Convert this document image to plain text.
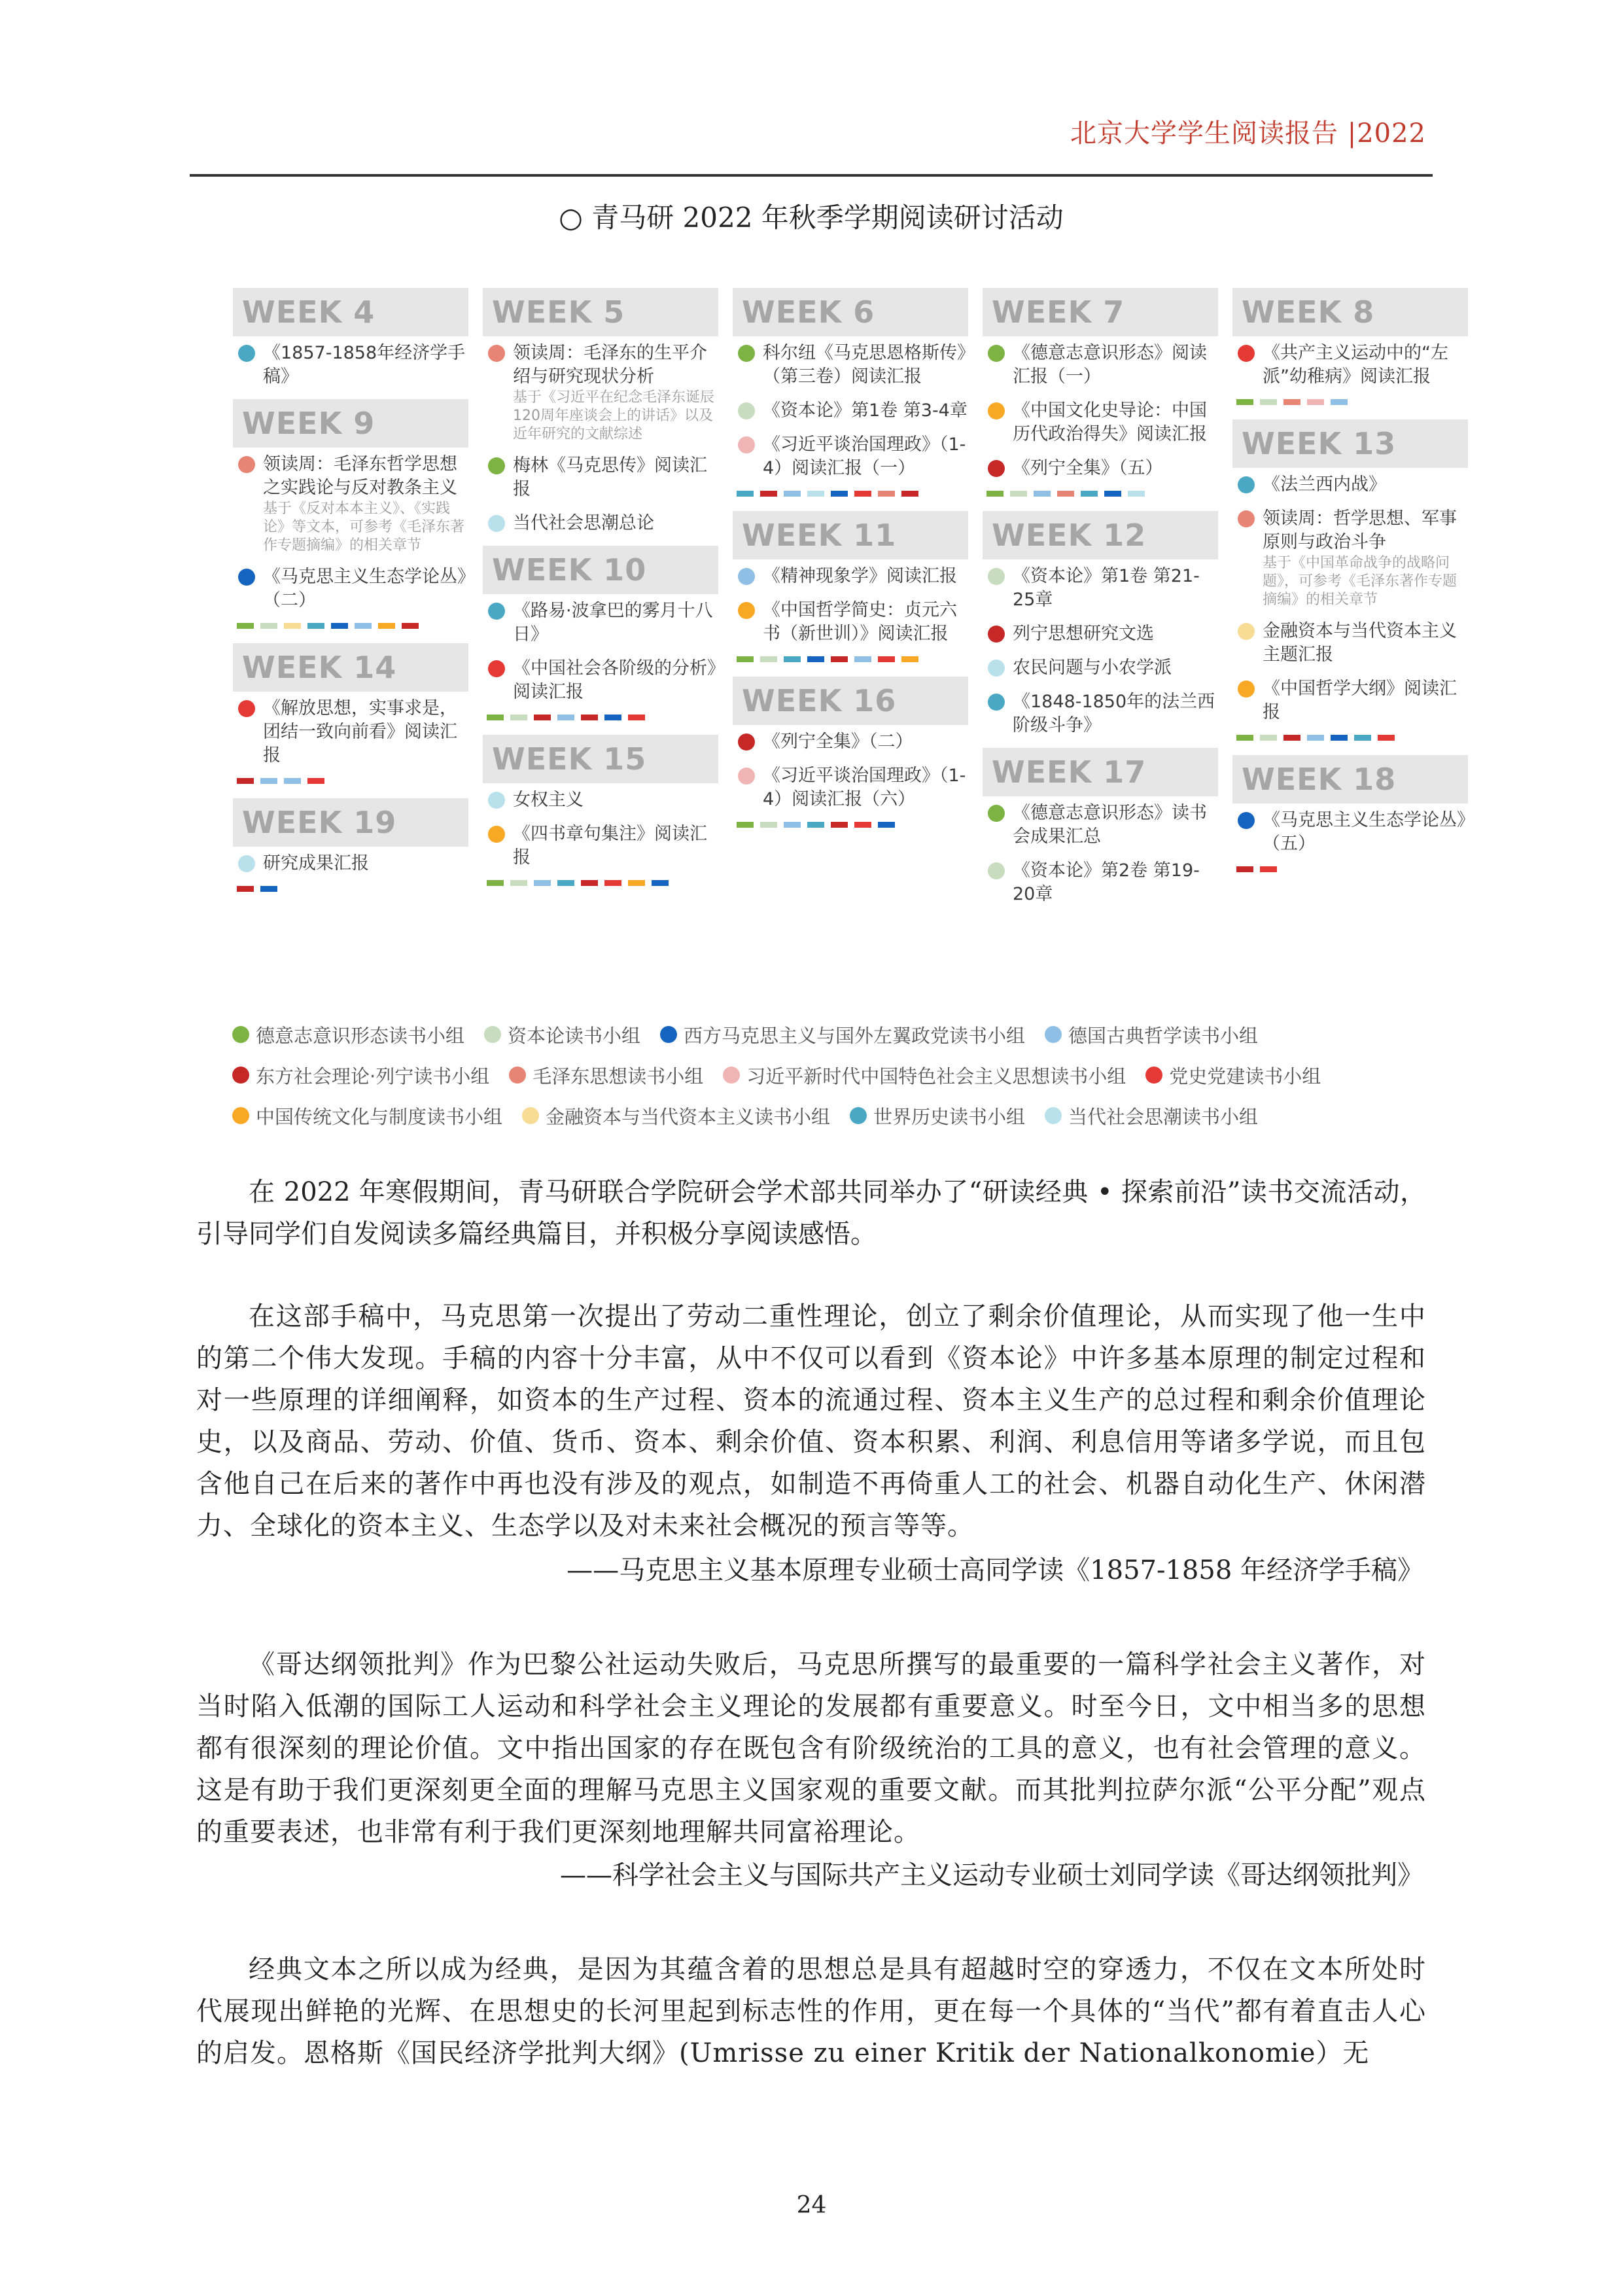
北京大学学生阅读报告 |2022
○ 青马研 2022 年秋季学期阅读研讨活动
WEEK 4
《1857-1858年经济学手稿》
WEEK 9
领读周：毛泽东哲学思想之实践论与反对教条主义
基于《反对本本主义》、《实践论》等文本，可参考《毛泽东著作专题摘编》的相关章节
《马克思主义生态学论丛》（二）
WEEK 14
《解放思想，实事求是，团结一致向前看》阅读汇报
WEEK 19
研究成果汇报
WEEK 5
领读周：毛泽东的生平介绍与研究现状分析
基于《习近平在纪念毛泽东诞辰120周年座谈会上的讲话》以及近年研究的文献综述
梅林《马克思传》阅读汇报
当代社会思潮总论
WEEK 10
《路易·波拿巴的雾月十八日》
《中国社会各阶级的分析》阅读汇报
WEEK 15
女权主义
《四书章句集注》阅读汇报
WEEK 6
科尔纽《马克思恩格斯传》（第三卷）阅读汇报
《资本论》第1卷 第3-4章
《习近平谈治国理政》（1-4）阅读汇报（一）
WEEK 11
《精神现象学》阅读汇报
《中国哲学简史：贞元六书（新世训）》阅读汇报
WEEK 16
《列宁全集》（二）
《习近平谈治国理政》（1-4）阅读汇报（六）
WEEK 7
《德意志意识形态》阅读汇报（一）
《中国文化史导论：中国历代政治得失》阅读汇报
《列宁全集》（五）
WEEK 12
《资本论》第1卷 第21-25章
列宁思想研究文选
农民问题与小农学派
《1848-1850年的法兰西阶级斗争》
WEEK 17
《德意志意识形态》读书会成果汇总
《资本论》第2卷 第19-20章
WEEK 8
《共产主义运动中的“左派”幼稚病》阅读汇报
WEEK 13
《法兰西内战》
领读周：哲学思想、军事原则与政治斗争
基于《中国革命战争的战略问题》，可参考《毛泽东著作专题摘编》的相关章节
金融资本与当代资本主义主题汇报
《中国哲学大纲》阅读汇报
WEEK 18
《马克思主义生态学论丛》（五）
德意志意识形态读书小组 资本论读书小组 西方马克思主义与国外左翼政党读书小组 德国古典哲学读书小组
东方社会理论·列宁读书小组 毛泽东思想读书小组 习近平新时代中国特色社会主义思想读书小组 党史党建读书小组
中国传统文化与制度读书小组 金融资本与当代资本主义读书小组 世界历史读书小组 当代社会思潮读书小组

在 2022 年寒假期间，青马研联合学院研会学术部共同举办了“研读经典 • 探索前沿”读书交流活动，引导同学们自发阅读多篇经典篇目，并积极分享阅读感悟。

在这部手稿中，马克思第一次提出了劳动二重性理论，创立了剩余价值理论，从而实现了他一生中的第二个伟大发现。手稿的内容十分丰富，从中不仅可以看到《资本论》中许多基本原理的制定过程和对一些原理的详细阐释，如资本的生产过程、资本的流通过程、资本主义生产的总过程和剩余价值理论史，以及商品、劳动、价值、货币、资本、剩余价值、资本积累、利润、利息信用等诸多学说，而且包含他自己在后来的著作中再也没有涉及的观点，如制造不再倚重人工的社会、机器自动化生产、休闲潜力、全球化的资本主义、生态学以及对未来社会概况的预言等等。

——马克思主义基本原理专业硕士高同学读《1857-1858 年经济学手稿》

《哥达纲领批判》作为巴黎公社运动失败后，马克思所撰写的最重要的一篇科学社会主义著作，对当时陷入低潮的国际工人运动和科学社会主义理论的发展都有重要意义。时至今日，文中相当多的思想都有很深刻的理论价值。文中指出国家的存在既包含有阶级统治的工具的意义，也有社会管理的意义。这是有助于我们更深刻更全面的理解马克思主义国家观的重要文献。而其批判拉萨尔派“公平分配”观点的重要表述，也非常有利于我们更深刻地理解共同富裕理论。

——科学社会主义与国际共产主义运动专业硕士刘同学读《哥达纲领批判》

经典文本之所以成为经典，是因为其蕴含着的思想总是具有超越时空的穿透力，不仅在文本所处时代展现出鲜艳的光辉、在思想史的长河里起到标志性的作用，更在每一个具体的“当代”都有着直击人心的启发。恩格斯《国民经济学批判大纲》(Umrisse zu einer Kritik der Nationalkonomie）无

24
